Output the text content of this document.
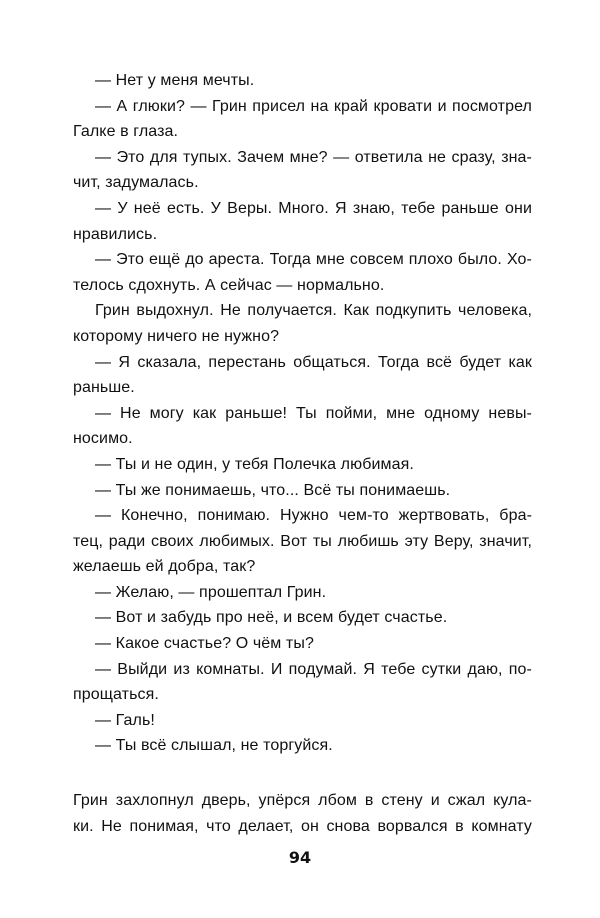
— Нет у меня мечты.
— А глюки? — Грин присел на край кровати и посмотрел
Галке в глаза.
— Это для тупых. Зачем мне? — ответила не сразу, зна-
чит, задумалась.
— У неё есть. У Веры. Много. Я знаю, тебе раньше они
нравились.
— Это ещё до ареста. Тогда мне совсем плохо было. Хо-
телось сдохнуть. А сейчас — нормально.
Грин выдохнул. Не получается. Как подкупить человека,
которому ничего не нужно?
— Я сказала, перестань общаться. Тогда всё будет как
раньше.
— Не могу как раньше! Ты пойми, мне одному невы-
носимо.
— Ты и не один, у тебя Полечка любимая.
— Ты же понимаешь, что... Всё ты понимаешь.
— Конечно, понимаю. Нужно чем-то жертвовать, бра-
тец, ради своих любимых. Вот ты любишь эту Веру, значит,
желаешь ей добра, так?
— Желаю, — прошептал Грин.
— Вот и забудь про неё, и всем будет счастье.
— Какое счастье? О чём ты?
— Выйди из комнаты. И подумай. Я тебе сутки даю, по-
прощаться.
— Галь!
— Ты всё слышал, не торгуйся.
Грин захлопнул дверь, упёрся лбом в стену и сжал кула-
ки. Не понимая, что делает, он снова ворвался в комнату
94
